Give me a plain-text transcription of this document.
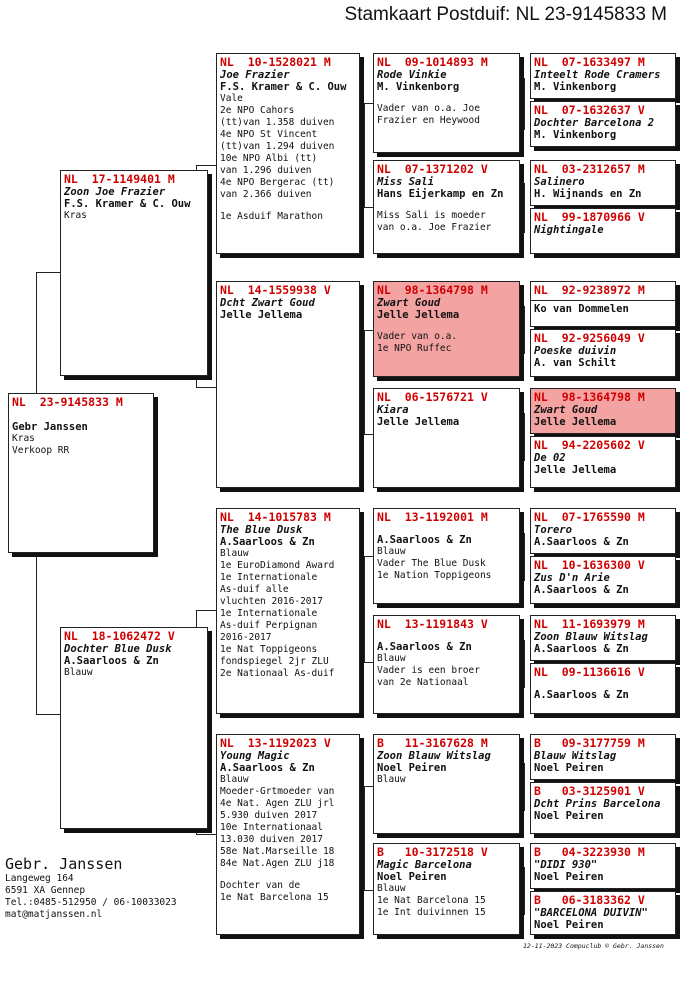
Stamkaart Postduif: NL 23-9145833 M
NL  23-9145833 M
Gebr Janssen
Kras
Verkoop RR
NL  17-1149401 M
Zoon Joe Frazier
F.S. Kramer & C. Ouw
Kras
NL  18-1062472 V
Dochter Blue Dusk
A.Saarloos & Zn
Blauw
NL  10-1528021 M
Joe Frazier
F.S. Kramer & C. Ouw
Vale
2e NPO Cahors
(tt)van 1.358 duiven
4e NPO St Vincent
(tt)van 1.294 duiven
10e NPO Albi (tt)
van 1.296 duiven
4e NPO Bergerac (tt)
van 2.366 duiven
1e Asduif Marathon
NL  14-1559938 V
Dcht Zwart Goud
Jelle Jellema
NL  14-1015783 M
The Blue Dusk
A.Saarloos & Zn
Blauw
1e EuroDiamond Award
1e Internationale
As-duif alle
vluchten 2016-2017
1e Internationale
As-duif Perpignan
2016-2017
1e Nat Toppigeons
fondspiegel 2jr ZLU
2e Nationaal As-duif
NL  13-1192023 V
Young Magic
A.Saarloos & Zn
Blauw
Moeder-Grtmoeder van
4e Nat. Agen ZLU jrl
5.930 duiven 2017
10e Internationaal
13.030 duiven 2017
58e Nat.Marseille 18
84e Nat.Agen ZLU j18
Dochter van de
1e Nat Barcelona 15
NL  09-1014893 M
Rode Vinkie
M. Vinkenborg
Vader van o.a. Joe
Frazier en Heywood
NL  07-1371202 V
Miss Sali
Hans Eijerkamp en Zn
Miss Sali is moeder
van o.a. Joe Frazier
NL  98-1364798 M
Zwart Goud
Jelle Jellema
Vader van o.a.
1e NPO Ruffec
NL  06-1576721 V
Kiara
Jelle Jellema
NL  13-1192001 M
A.Saarloos & Zn
Blauw
Vader The Blue Dusk
1e Nation Toppigeons
NL  13-1191843 V
A.Saarloos & Zn
Blauw
Vader is een broer
van 2e Nationaal
B   11-3167628 M
Zoon Blauw Witslag
Noel Peiren
Blauw
B   10-3172518 V
Magic Barcelona
Noel Peiren
Blauw
1e Nat Barcelona 15
1e Int duivinnen 15
NL  07-1633497 M
Inteelt Rode Cramers
M. Vinkenborg
NL  07-1632637 V
Dochter Barcelona 2
M. Vinkenborg
NL  03-2312657 M
Salinero
H. Wijnands en Zn
NL  99-1870966 V
Nightingale
NL  92-9238972 M
Ko van Dommelen
NL  92-9256049 V
Poeske duivin
A. van Schilt
NL  98-1364798 M
Zwart Goud
Jelle Jellema
NL  94-2205602 V
De 02
Jelle Jellema
NL  07-1765590 M
Torero
A.Saarloos & Zn
NL  10-1636300 V
Zus D'n Arie
A.Saarloos & Zn
NL  11-1693979 M
Zoon Blauw Witslag
A.Saarloos & Zn
NL  09-1136616 V
A.Saarloos & Zn
B   09-3177759 M
Blauw Witslag
Noel Peiren
B   03-3125901 V
Dcht Prins Barcelona
Noel Peiren
B   04-3223930 M
"DIDI 930"
Noel Peiren
B   06-3183362 V
"BARCELONA DUIVIN"
Noel Peiren
Gebr. Janssen
Langeweg 164
6591 XA Gennep
Tel.:0485-512950 / 06-10033023
mat@matjanssen.nl
12-11-2023 Compuclub © Gebr. Janssen
